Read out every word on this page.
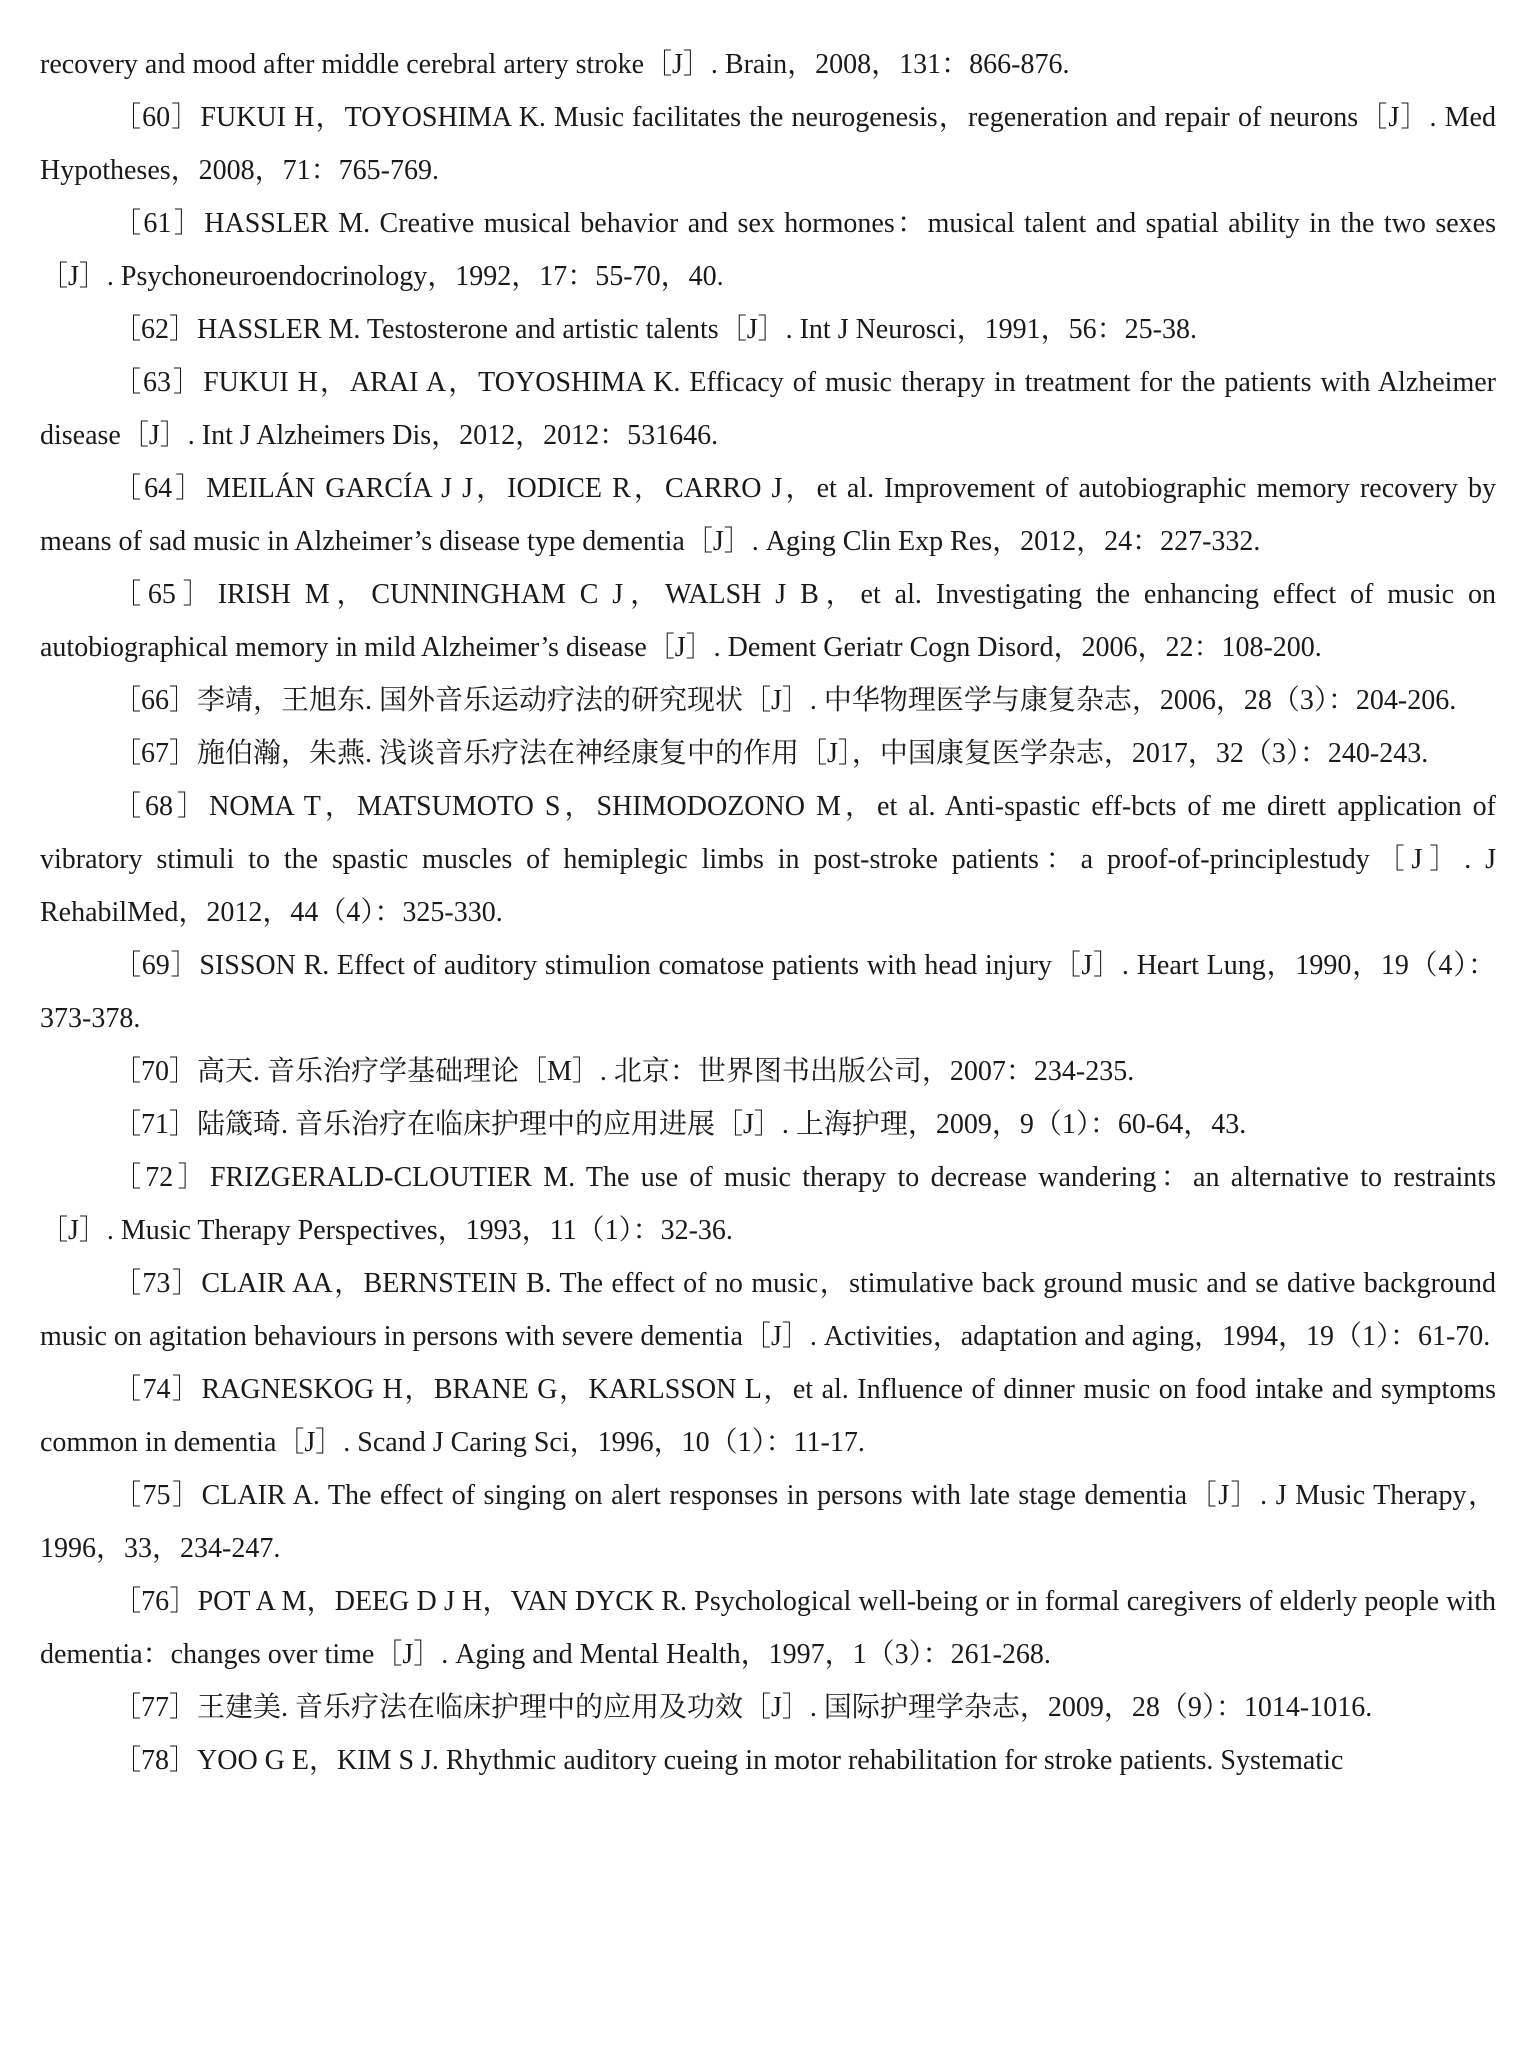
recovery and mood after middle cerebral artery stroke［J］. Brain，2008，131：866-876.

［60］FUKUI H，TOYOSHIMA K. Music facilitates the neurogenesis，regeneration and repair of neurons［J］. Med Hypotheses，2008，71：765-769.

［61］HASSLER M. Creative musical behavior and sex hormones：musical talent and spatial ability in the two sexes［J］. Psychoneuroendocrinology，1992，17：55-70，40.

［62］HASSLER M. Testosterone and artistic talents［J］. Int J Neurosci，1991，56：25-38.

［63］FUKUI H，ARAI A，TOYOSHIMA K. Efficacy of music therapy in treatment for the patients with Alzheimer disease［J］. Int J Alzheimers Dis，2012，2012：531646.

［64］MEILÁN GARCÍA J J，IODICE R，CARRO J，et al. Improvement of autobiographic memory recovery by means of sad music in Alzheimer’s disease type dementia［J］. Aging Clin Exp Res，2012，24：227-332.

［65］IRISH M，CUNNINGHAM C J，WALSH J B，et al. Investigating the enhancing effect of music on autobiographical memory in mild Alzheimer’s disease［J］. Dement Geriatr Cogn Disord，2006，22：108-200.

［66］李靖，王旭东. 国外音乐运动疗法的研究现状［J］. 中华物理医学与康复杂志，2006，28（3）：204-206.

［67］施伯瀚，朱燕. 浅谈音乐疗法在神经康复中的作用［J］，中国康复医学杂志，2017，32（3）：240-243.

［68］NOMA T，MATSUMOTO S，SHIMODOZONO M，et al. Anti-spastic eff-bcts of me dirett application of vibratory stimuli to the spastic muscles of hemiplegic limbs in post-stroke patients：a proof-of-principlestudy［J］. J RehabilMed，2012，44（4）：325-330.

［69］SISSON R. Effect of auditory stimulion comatose patients with head injury［J］. Heart Lung，1990，19（4）：373-378.

［70］高天. 音乐治疗学基础理论［M］. 北京：世界图书出版公司，2007：234-235.

［71］陆箴琦. 音乐治疗在临床护理中的应用进展［J］. 上海护理，2009，9（1）：60-64，43.

［72］FRIZGERALD-CLOUTIER M. The use of music therapy to decrease wandering：an alternative to restraints［J］. Music Therapy Perspectives，1993，11（1）：32-36.

［73］CLAIR AA，BERNSTEIN B. The effect of no music，stimulative back ground music and se dative background music on agitation behaviours in persons with severe dementia［J］. Activities，adaptation and aging，1994，19（1）：61-70.

［74］RAGNESKOG H，BRANE G，KARLSSON L，et al. Influence of dinner music on food intake and symptoms common in dementia［J］. Scand J Caring Sci，1996，10（1）：11-17.

［75］CLAIR A. The effect of singing on alert responses in persons with late stage dementia［J］. J Music Therapy，1996，33，234-247.

［76］POT A M，DEEG D J H，VAN DYCK R. Psychological well-being or in formal caregivers of elderly people with dementia：changes over time［J］. Aging and Mental Health，1997，1（3）：261-268.

［77］王建美. 音乐疗法在临床护理中的应用及功效［J］. 国际护理学杂志，2009，28（9）：1014-1016.

［78］YOO G E，KIM S J. Rhythmic auditory cueing in motor rehabilitation for stroke patients. Systematic
